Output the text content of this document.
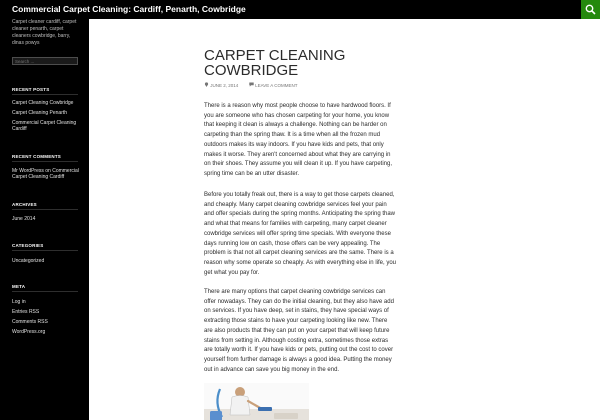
Commercial Carpet Cleaning: Cardiff, Penarth, Cowbridge
Carpet cleaner cardiff, carpet cleaner penarth, carpet cleaners cowbridge, barry, dinas powys
Search ...
RECENT POSTS
Carpet Cleaning Cowbridge
Carpet Cleaning Penarth
Commercial Carpet Cleaning Cardiff
RECENT COMMENTS
Mr WordPress on Commercial Carpet Cleaning Cardiff
ARCHIVES
June 2014
CATEGORIES
Uncategorized
META
Log in
Entries RSS
Comments RSS
WordPress.org
CARPET CLEANING COWBRIDGE
JUNE 2, 2014	LEAVE A COMMENT

There is a reason why most people choose to have hardwood floors. If you are someone who has chosen carpeting for your home, you know that keeping it clean is always a challenge. Nothing can be harder on carpeting than the spring thaw. It is a time when all the frozen mud outdoors makes its way indoors. If you have kids and pets, that only makes it worse. They aren't concerned about what they are carrying in on their shoes. They assume you will clean it up. If you have carpeting, spring time can be an utter disaster.

Before you totally freak out, there is a way to get those carpets cleaned, and cheaply. Many carpet cleaning cowbridge services feel your pain and offer specials during the spring months. Anticipating the spring thaw and what that means for families with carpeting, many carpet cleaner cowbridge services will offer spring time specials. With everyone these days running low on cash, those offers can be very appealing. The problem is that not all carpet cleaning services are the same. There is a reason why some operate so cheaply. As with everything else in life, you get what you pay for.

There are many options that carpet cleaning cowbridge services can offer nowadays. They can do the initial cleaning, but they also have add on services. If you have deep, set in stains, they have special ways of extracting those stains to have your carpeting looking like new. There are also products that they can put on your carpet that will keep future stains from setting in. Although costing extra, sometimes those extras are totally worth it. If you have kids or pets, putting out the cost to cover yourself from further damage is always a good idea. Putting the money out in advance can save you big money in the end.
